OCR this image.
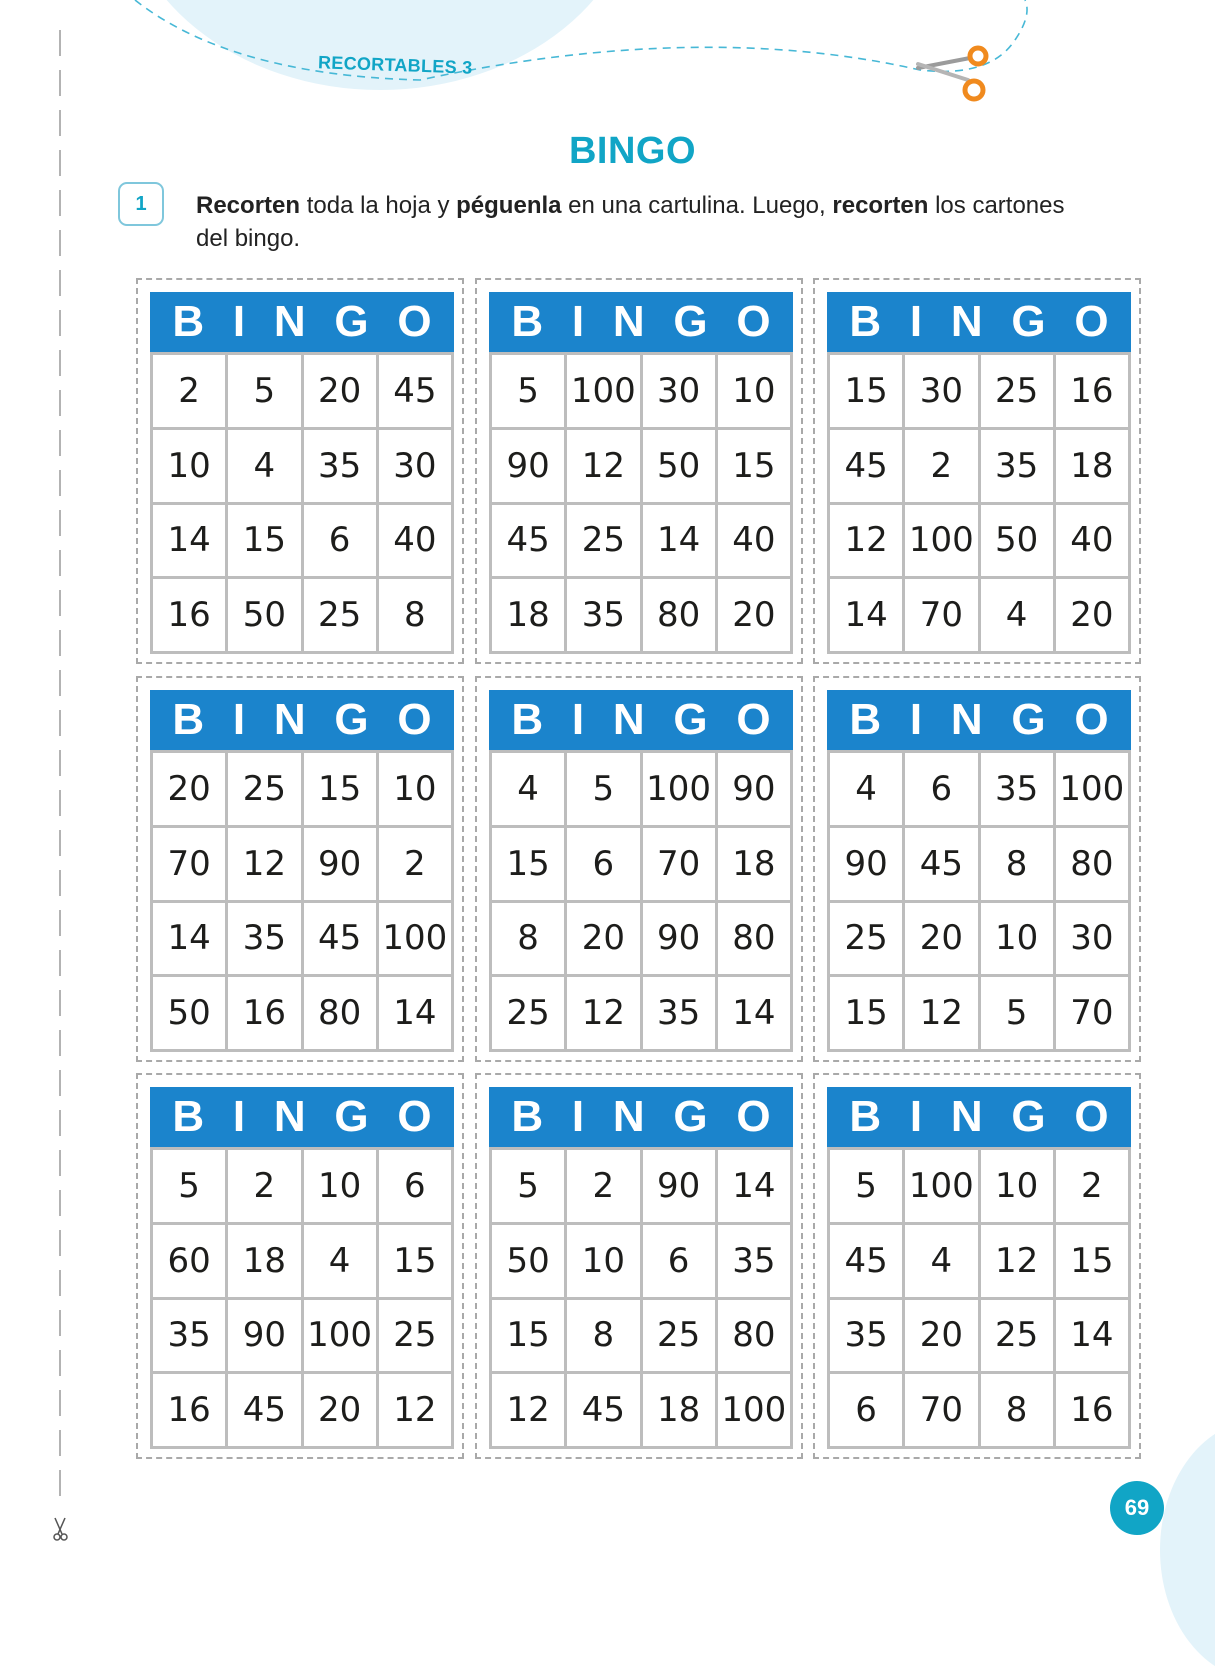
RECORTABLES 3
BINGO
1	Recorten toda la hoja y péguenla en una cartulina. Luego, recorten los cartones del bingo.
B I N G O
2	5	20 45
10	4	35 30
14 15	6	40
16 50 25	8
B I N G O
5 100 30 10
90 12 50 15
45 25 14 40
18 35 80 20
B I N G O
15 30 25 16
45	2	35 18
12 100 50 40
14 70	4	20
B I N G O
20 25 15 10
70 12 90	2
14 35 45 100
50 16 80 14
B I N G O
4	5 100 90
15	6	70 18
8	20 90 80
25 12 35 14
B I N G O
4	6	35 100
90 45	8	80
25 20 10 30
15 12	5	70
B I N G O
5	2	10	6
60 18	4	15
35 90 100 25
16 45 20 12
B I N G O
5	2	90 14
50 10	6	35
15	8	25 80
12 45 18 100
B I N G O
5 100 10	2
45	4	12 15
35 20 25 14
6	70	8	16
69
